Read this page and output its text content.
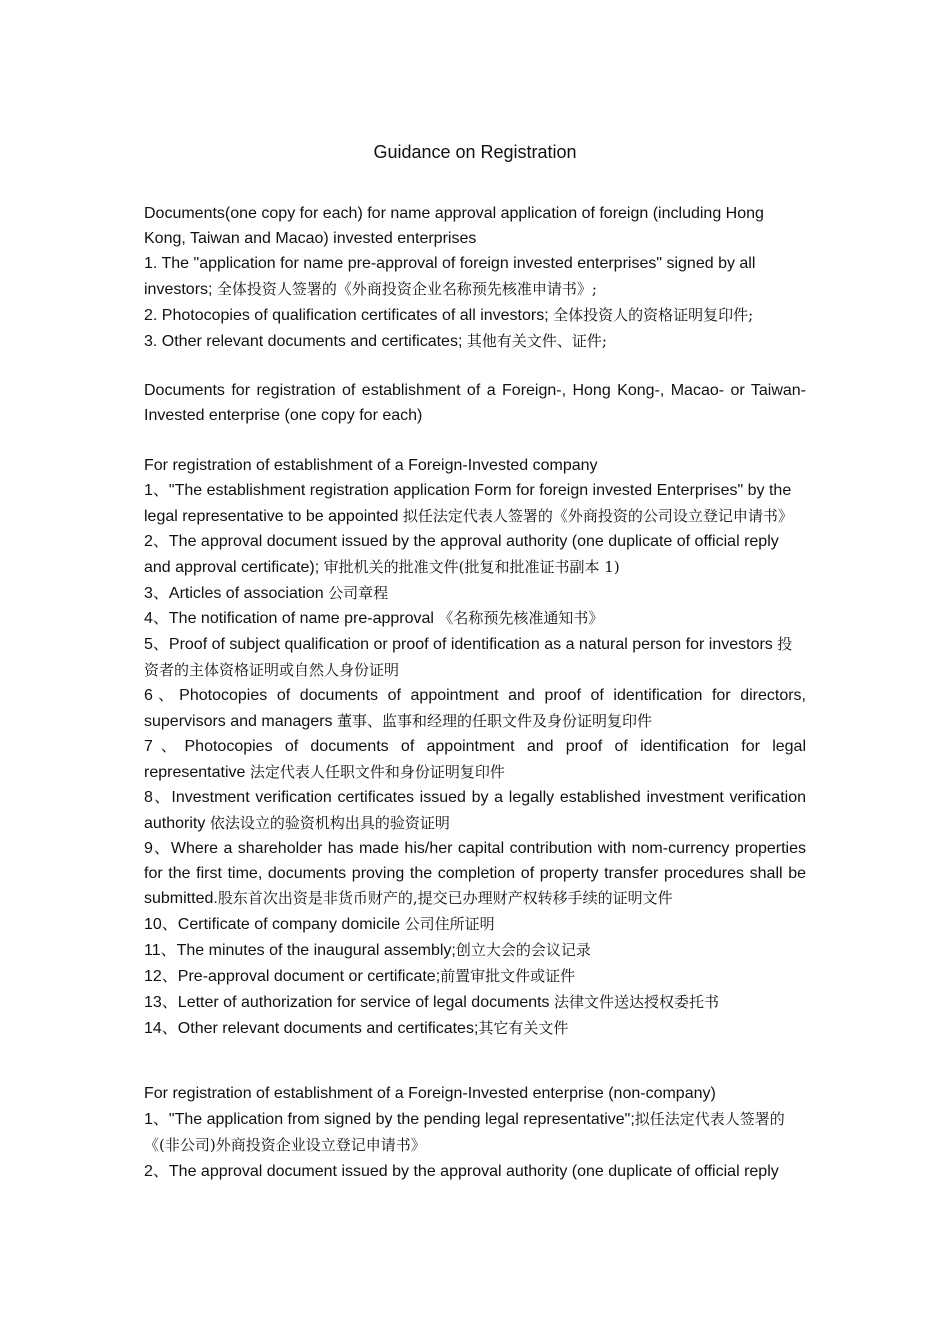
Guidance on Registration

Documents(one copy for each) for name approval application of foreign (including Hong Kong, Taiwan and Macao) invested enterprises

1. The "application for name pre-approval of foreign invested enterprises" signed by all investors; 全体投资人签署的《外商投资企业名称预先核准申请书》;

2. Photocopies of qualification certificates of all investors; 全体投资人的资格证明复印件;

3. Other relevant documents and certificates; 其他有关文件、证件;

Documents for registration of establishment of a Foreign-, Hong Kong-, Macao- or Taiwan-Invested enterprise (one copy for each)

For registration of establishment of a Foreign-Invested company

1、"The establishment registration application Form for foreign invested Enterprises" by the legal representative to be appointed 拟任法定代表人签署的《外商投资的公司设立登记申请书》

2、The approval document issued by the approval authority (one duplicate of official reply and approval certificate); 审批机关的批准文件(批复和批准证书副本 1)

3、Articles of association 公司章程

4、The notification of name pre-approval 《名称预先核准通知书》

5、Proof of subject qualification or proof of identification as a natural person for investors 投资者的主体资格证明或自然人身份证明

6、Photocopies of documents of appointment and proof of identification for directors, supervisors and managers 董事、监事和经理的任职文件及身份证明复印件

7、Photocopies of documents of appointment and proof of identification for legal representative 法定代表人任职文件和身份证明复印件

8、Investment verification certificates issued by a legally established investment verification authority 依法设立的验资机构出具的验资证明

9、Where a shareholder has made his/her capital contribution with nom-currency properties for the first time, documents proving the completion of property transfer procedures shall be submitted.股东首次出资是非货币财产的,提交已办理财产权转移手续的证明文件

10、Certificate of company domicile 公司住所证明

11、The minutes of the inaugural assembly;创立大会的会议记录

12、Pre-approval document or certificate;前置审批文件或证件

13、Letter of authorization for service of legal documents 法律文件送达授权委托书

14、Other relevant documents and certificates;其它有关文件

For registration of establishment of a Foreign-Invested enterprise (non-company)

1、"The application from signed by the pending legal representative";拟任法定代表人签署的《(非公司)外商投资企业设立登记申请书》

2、The approval document issued by the approval authority (one duplicate of official reply
